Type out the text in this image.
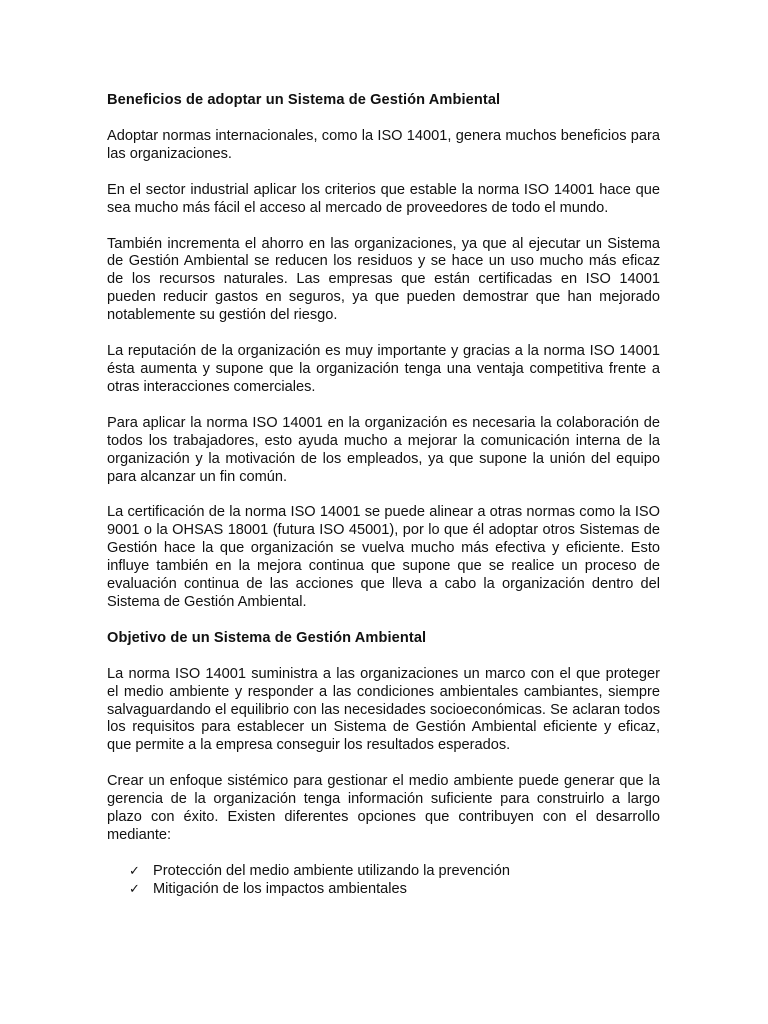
Beneficios de adoptar un Sistema de Gestión Ambiental

Adoptar normas internacionales, como la ISO 14001, genera muchos beneficios para las organizaciones.

En el sector industrial aplicar los criterios que estable la norma ISO 14001 hace que sea mucho más fácil el acceso al mercado de proveedores de todo el mundo.

También incrementa el ahorro en las organizaciones, ya que al ejecutar un Sistema de Gestión Ambiental se reducen los residuos y se hace un uso mucho más eficaz de los recursos naturales. Las empresas que están certificadas en ISO 14001 pueden reducir gastos en seguros, ya que pueden demostrar que han mejorado notablemente su gestión del riesgo.

La reputación de la organización es muy importante y gracias a la norma ISO 14001 ésta aumenta y supone que la organización tenga una ventaja competitiva frente a otras interacciones comerciales.

Para aplicar la norma ISO 14001 en la organización es necesaria la colaboración de todos los trabajadores, esto ayuda mucho a mejorar la comunicación interna de la organización y la motivación de los empleados, ya que supone la unión del equipo para alcanzar un fin común.

La certificación de la norma ISO 14001 se puede alinear a otras normas como la ISO 9001 o la OHSAS 18001 (futura ISO 45001), por lo que él adoptar otros Sistemas de Gestión hace la que organización se vuelva mucho más efectiva y eficiente. Esto influye también en la mejora continua que supone que se realice un proceso de evaluación continua de las acciones que lleva a cabo la organización dentro del Sistema de Gestión Ambiental.

Objetivo de un Sistema de Gestión Ambiental

La norma ISO 14001 suministra a las organizaciones un marco con el que proteger el medio ambiente y responder a las condiciones ambientales cambiantes, siempre salvaguardando el equilibrio con las necesidades socioeconómicas. Se aclaran todos los requisitos para establecer un Sistema de Gestión Ambiental eficiente y eficaz, que permite a la empresa conseguir los resultados esperados.

Crear un enfoque sistémico para gestionar el medio ambiente puede generar que la gerencia de la organización tenga información suficiente para construirlo a largo plazo con éxito. Existen diferentes opciones que contribuyen con el desarrollo mediante:

✓ Protección del medio ambiente utilizando la prevención
✓ Mitigación de los impactos ambientales
